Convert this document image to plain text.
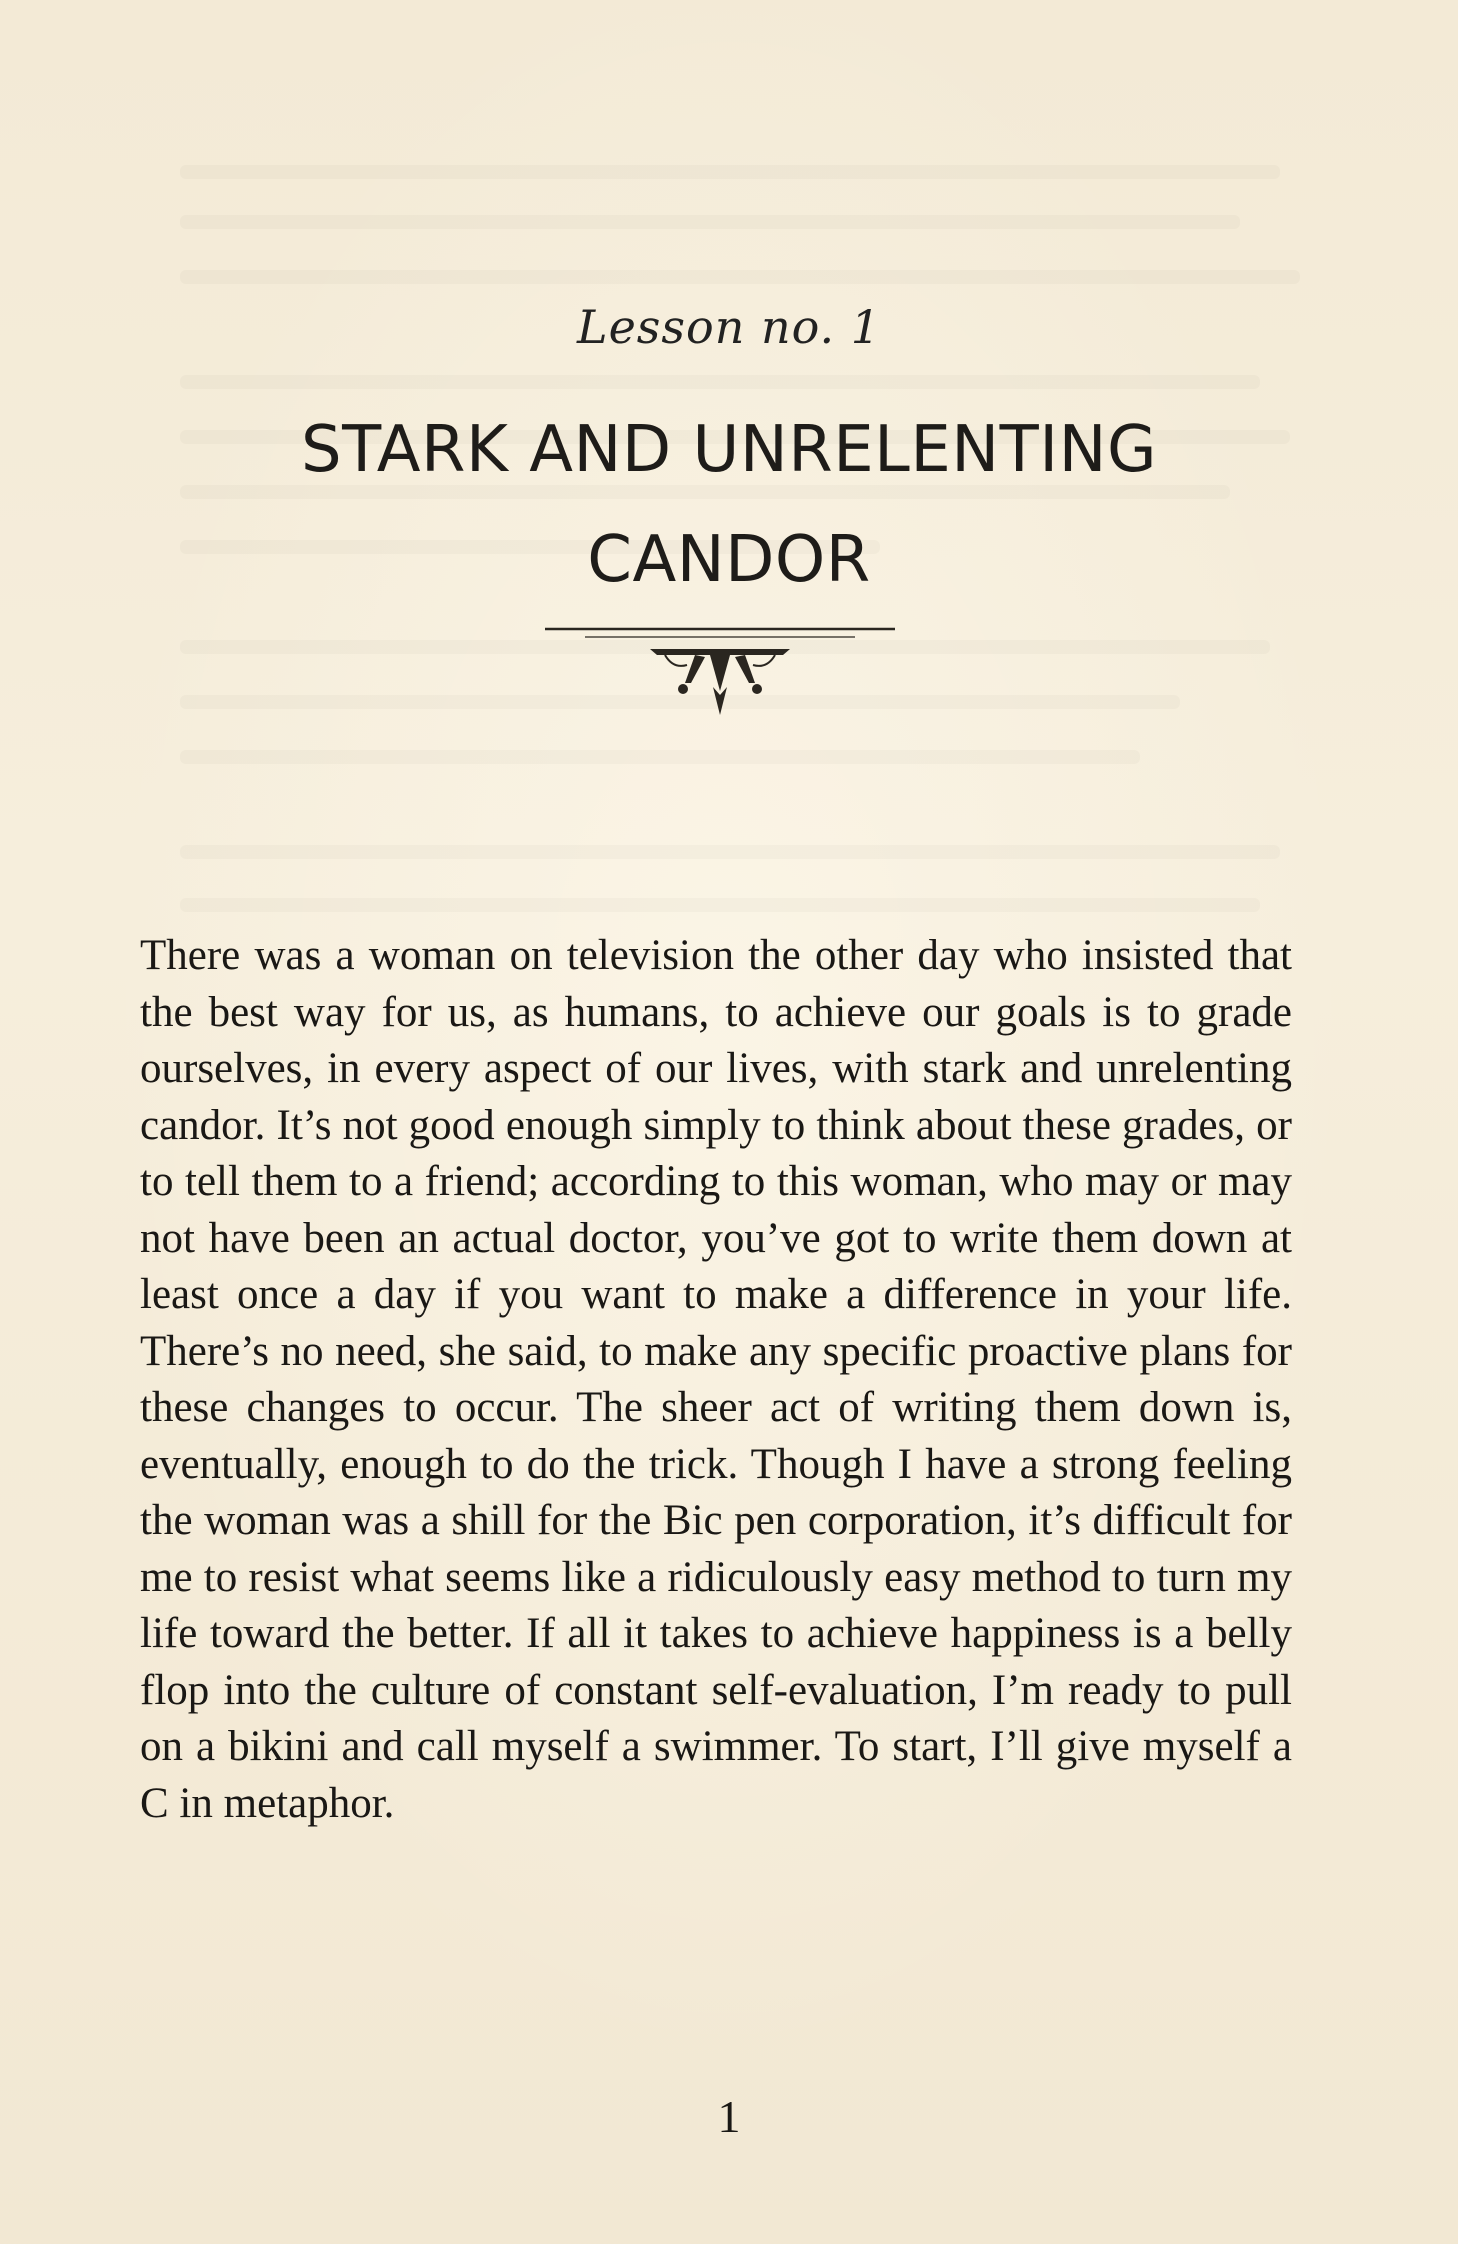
Lesson no. 1
STARK AND UNRELENTING
CANDOR

There was a woman on television the other day who insisted that the best way for us, as humans, to achieve our goals is to grade ourselves, in every aspect of our lives, with stark and unrelenting candor. It’s not good enough simply to think about these grades, or to tell them to a friend; according to this woman, who may or may not have been an actual doctor, you’ve got to write them down at least once a day if you want to make a difference in your life. There’s no need, she said, to make any specific proactive plans for these changes to occur. The sheer act of writing them down is, eventually, enough to do the trick. Though I have a strong feeling the woman was a shill for the Bic pen corporation, it’s difficult for me to resist what seems like a ridiculously easy method to turn my life toward the better. If all it takes to achieve happiness is a belly flop into the culture of constant self-evaluation, I’m ready to pull on a bikini and call myself a swimmer. To start, I’ll give myself a C in metaphor.

1
